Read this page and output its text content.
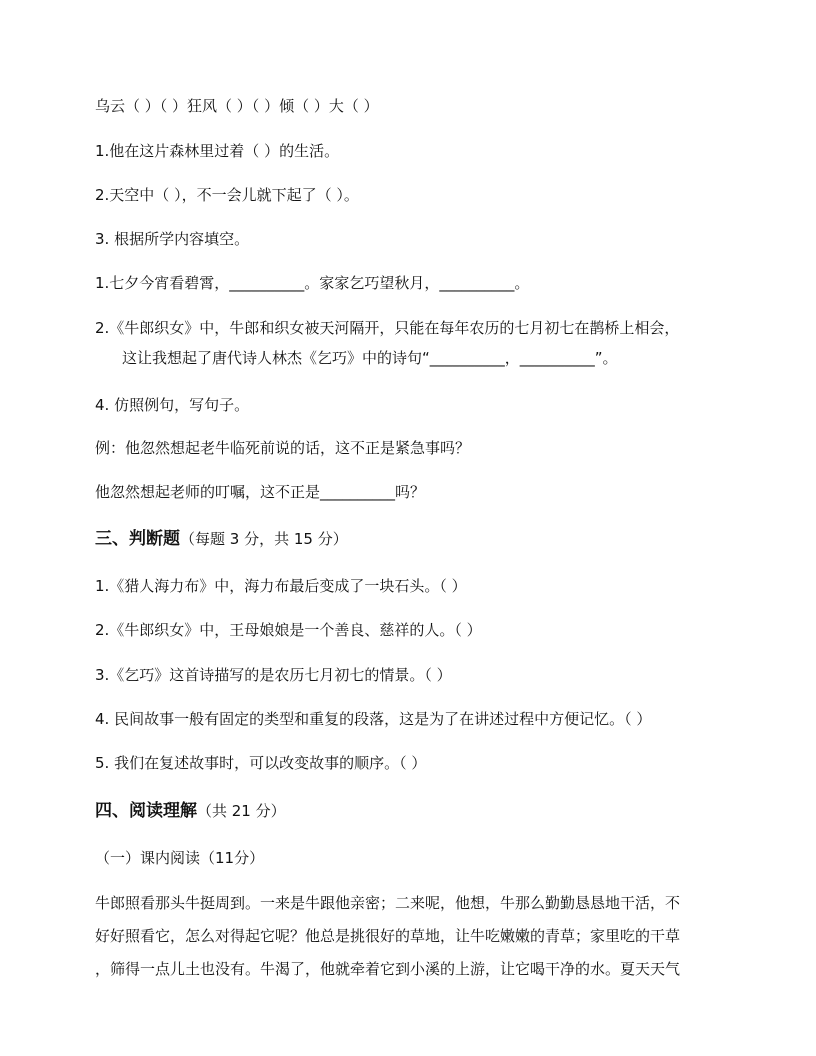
乌云（ ）（ ）狂风（ ）（ ）倾（ ）大（ ）
1.他在这片森林里过着（ ）的生活。
2.天空中（ ），不一会儿就下起了（ ）。
3. 根据所学内容填空。
1.七夕今宵看碧霄，__________。家家乞巧望秋月，__________。
2.《牛郎织女》中，牛郎和织女被天河隔开，只能在每年农历的七月初七在鹊桥上相会，
这让我想起了唐代诗人林杰《乞巧》中的诗句“__________，__________”。
4. 仿照例句，写句子。
例：他忽然想起老牛临死前说的话，这不正是紧急事吗？
他忽然想起老师的叮嘱，这不正是__________吗？
三、判断题（每题 3 分，共 15 分）
1.《猎人海力布》中，海力布最后变成了一块石头。（ ）
2.《牛郎织女》中，王母娘娘是一个善良、慈祥的人。（ ）
3.《乞巧》这首诗描写的是农历七月初七的情景。（ ）
4. 民间故事一般有固定的类型和重复的段落，这是为了在讲述过程中方便记忆。（ ）
5. 我们在复述故事时，可以改变故事的顺序。（ ）
四、阅读理解（共 21 分）
（一）课内阅读（11分）
牛郎照看那头牛挺周到。一来是牛跟他亲密；二来呢，他想，牛那么勤勤恳恳地干活，不
好好照看它，怎么对得起它呢？他总是挑很好的草地，让牛吃嫩嫩的青草；家里吃的干草
，筛得一点儿土也没有。牛渴了，他就牵着它到小溪的上游，让它喝干净的水。夏天天气
